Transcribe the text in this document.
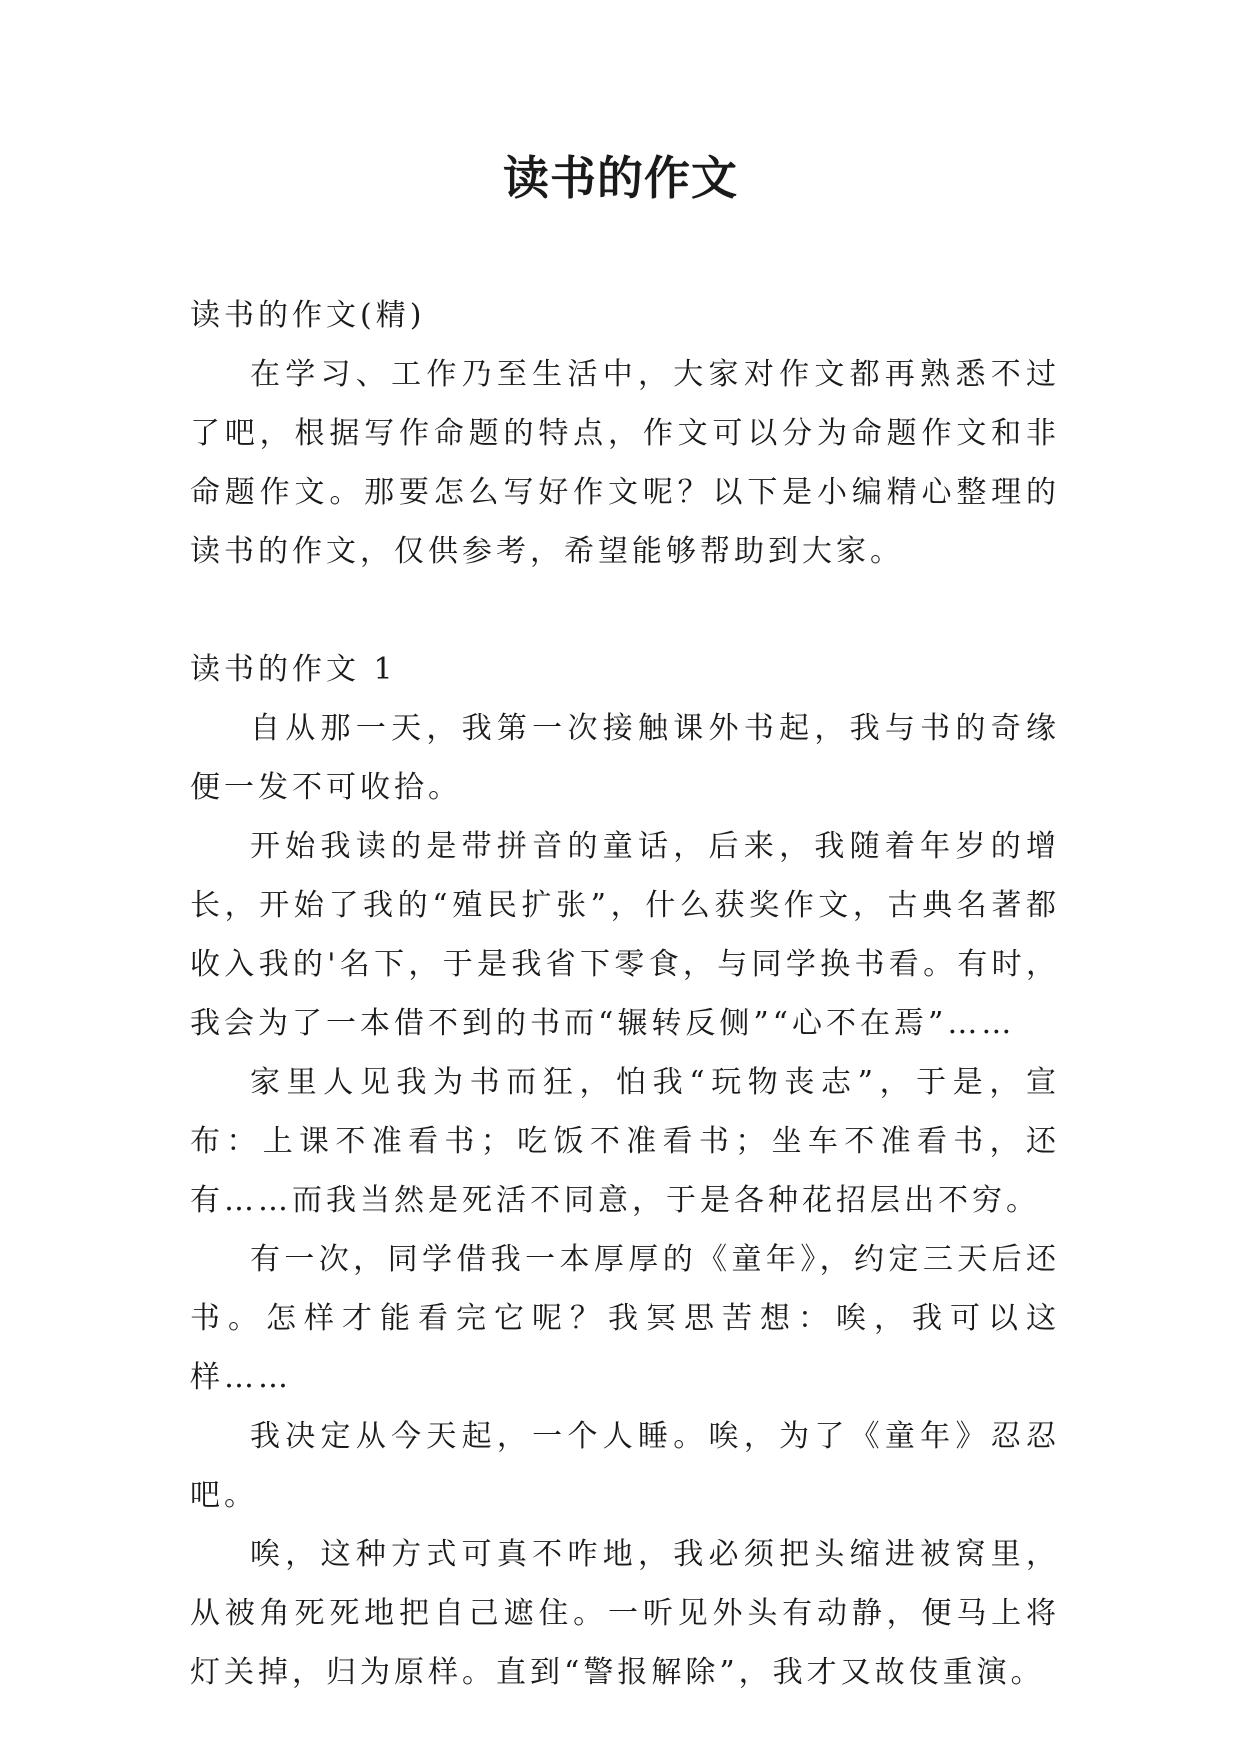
读书的作文

读书的作文(精)

在学习、工作乃至生活中，大家对作文都再熟悉不过了吧，根据写作命题的特点，作文可以分为命题作文和非命题作文。那要怎么写好作文呢？以下是小编精心整理的读书的作文，仅供参考，希望能够帮助到大家。

读书的作文 1

自从那一天，我第一次接触课外书起，我与书的奇缘便一发不可收拾。

开始我读的是带拼音的童话，后来，我随着年岁的增长，开始了我的“殖民扩张”，什么获奖作文，古典名著都收入我的'名下，于是我省下零食，与同学换书看。有时，我会为了一本借不到的书而“辗转反侧”“心不在焉”……

家里人见我为书而狂，怕我“玩物丧志”，于是，宣布：上课不准看书；吃饭不准看书；坐车不准看书，还有……而我当然是死活不同意，于是各种花招层出不穷。

有一次，同学借我一本厚厚的《童年》，约定三天后还书。怎样才能看完它呢？我冥思苦想：唉，我可以这样……

我决定从今天起，一个人睡。唉，为了《童年》忍忍吧。

唉，这种方式可真不咋地，我必须把头缩进被窝里，从被角死死地把自己遮住。一听见外头有动静，便马上将灯关掉，归为原样。直到“警报解除”，我才又故伎重演。
